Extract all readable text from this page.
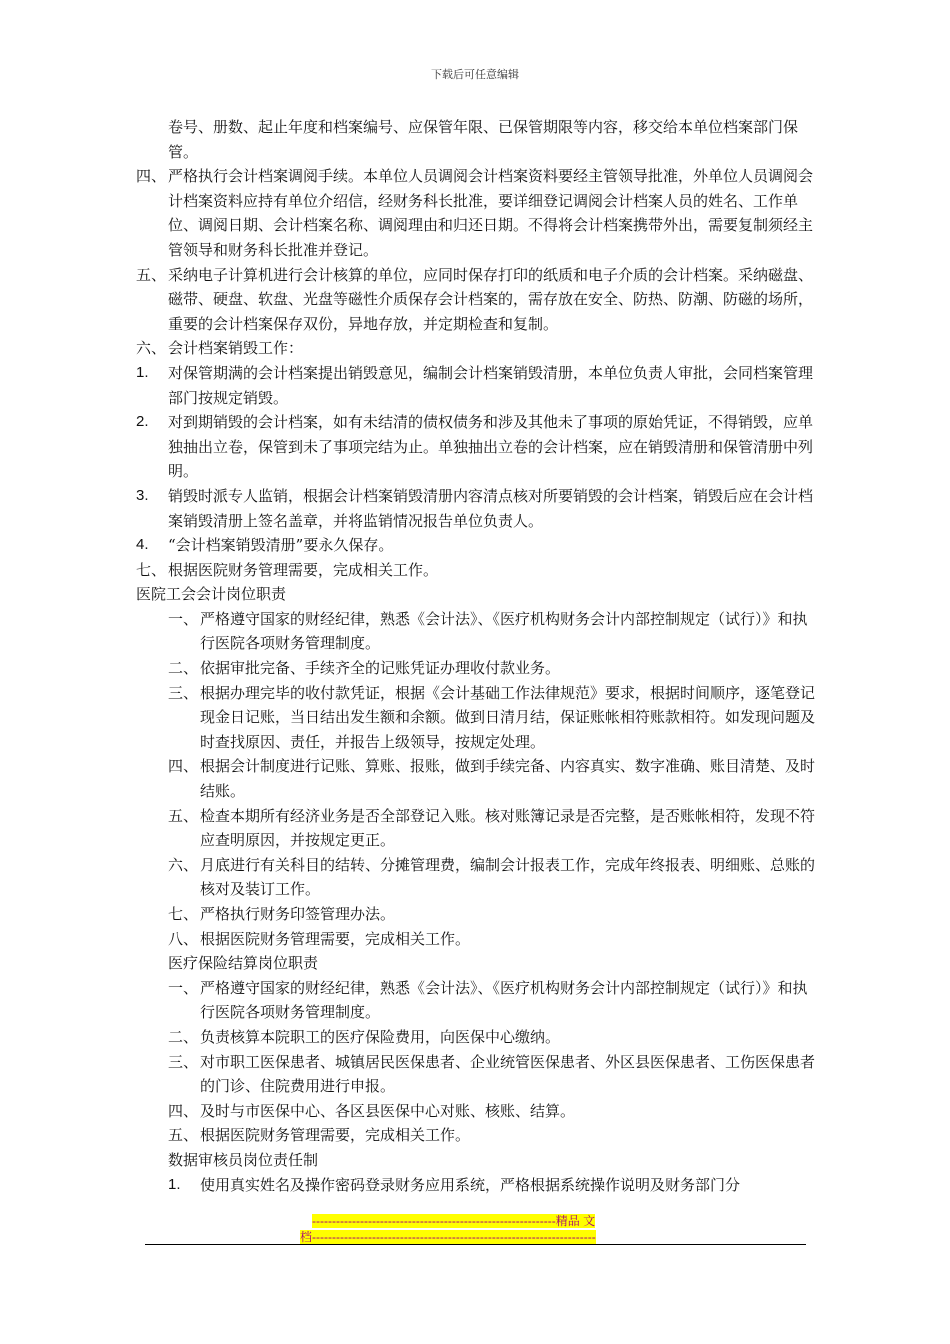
下载后可任意编辑

卷号、册数、起止年度和档案编号、应保管年限、已保管期限等内容，移交给本单位档案部门保管。

四、 严格执行会计档案调阅手续。本单位人员调阅会计档案资料要经主管领导批准，外单位人员调阅会计档案资料应持有单位介绍信，经财务科长批准，要详细登记调阅会计档案人员的姓名、工作单位、调阅日期、会计档案名称、调阅理由和归还日期。不得将会计档案携带外出，需要复制须经主管领导和财务科长批准并登记。

五、 采纳电子计算机进行会计核算的单位，应同时保存打印的纸质和电子介质的会计档案。采纳磁盘、磁带、硬盘、软盘、光盘等磁性介质保存会计档案的，需存放在安全、防热、防潮、防磁的场所，重要的会计档案保存双份，异地存放，并定期检查和复制。

六、 会计档案销毁工作：

1. 对保管期满的会计档案提出销毁意见，编制会计档案销毁清册，本单位负责人审批，会同档案管理部门按规定销毁。

2. 对到期销毁的会计档案，如有未结清的债权债务和涉及其他未了事项的原始凭证，不得销毁，应单独抽出立卷，保管到未了事项完结为止。单独抽出立卷的会计档案，应在销毁清册和保管清册中列明。

3. 销毁时派专人监销，根据会计档案销毁清册内容清点核对所要销毁的会计档案，销毁后应在会计档案销毁清册上签名盖章，并将监销情况报告单位负责人。

4. “会计档案销毁清册”要永久保存。

七、 根据医院财务管理需要，完成相关工作。

医院工会会计岗位职责

一、 严格遵守国家的财经纪律，熟悉《会计法》、《医疗机构财务会计内部控制规定（试行）》和执行医院各项财务管理制度。

二、 依据审批完备、手续齐全的记账凭证办理收付款业务。

三、 根据办理完毕的收付款凭证，根据《会计基础工作法律规范》要求，根据时间顺序，逐笔登记现金日记账，当日结出发生额和余额。做到日清月结，保证账帐相符账款相符。如发现问题及时查找原因、责任，并报告上级领导，按规定处理。

四、 根据会计制度进行记账、算账、报账，做到手续完备、内容真实、数字准确、账目清楚、及时结账。

五、 检查本期所有经济业务是否全部登记入账。核对账簿记录是否完整，是否账帐相符，发现不符应查明原因，并按规定更正。

六、 月底进行有关科目的结转、分摊管理费，编制会计报表工作，完成年终报表、明细账、总账的核对及装订工作。

七、 严格执行财务印签管理办法。

八、 根据医院财务管理需要，完成相关工作。

医疗保险结算岗位职责

一、 严格遵守国家的财经纪律，熟悉《会计法》、《医疗机构财务会计内部控制规定（试行）》和执行医院各项财务管理制度。

二、 负责核算本院职工的医疗保险费用，向医保中心缴纳。

三、 对市职工医保患者、城镇居民医保患者、企业统管医保患者、外区县医保患者、工伤医保患者的门诊、住院费用进行申报。

四、 及时与市医保中心、各区县医保中心对账、核账、结算。

五、 根据医院财务管理需要，完成相关工作。

数据审核员岗位责任制

1. 使用真实姓名及操作密码登录财务应用系统，严格根据系统操作说明及财务部门分

-------------------------------------------------------------精品 文
档-----------------------------------------------------------------------
